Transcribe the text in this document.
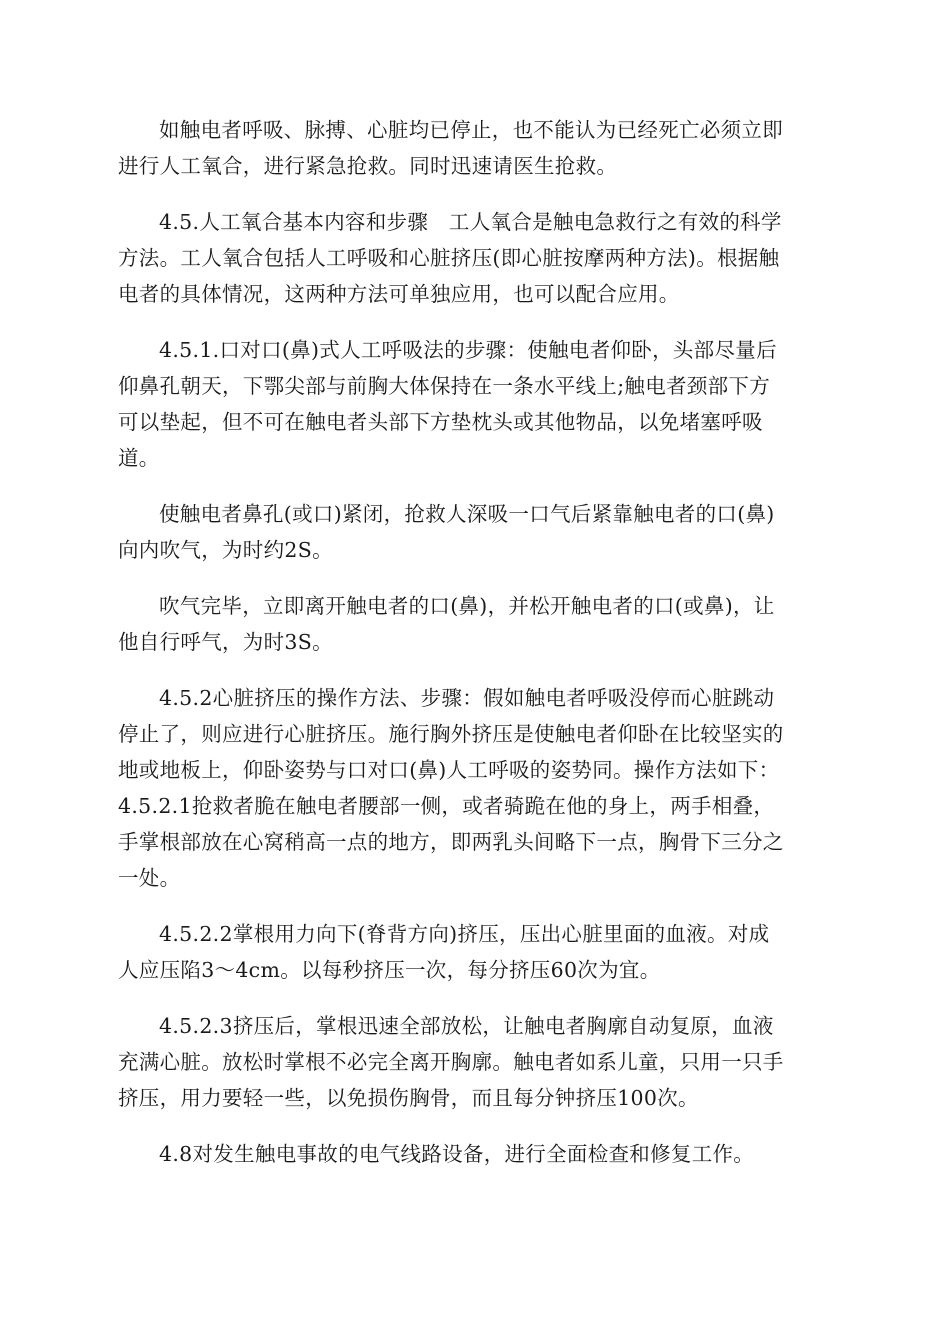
如触电者呼吸、脉搏、心脏均已停止，也不能认为已经死亡必须立即
进行人工氧合，进行紧急抢救。同时迅速请医生抢救。
4.5.人工氧合基本内容和步骤　工人氧合是触电急救行之有效的科学
方法。工人氧合包括人工呼吸和心脏挤压(即心脏按摩两种方法)。根据触
电者的具体情况，这两种方法可单独应用，也可以配合应用。
4.5.1.口对口(鼻)式人工呼吸法的步骤：使触电者仰卧，头部尽量后
仰鼻孔朝天，下鄂尖部与前胸大体保持在一条水平线上;触电者颈部下方
可以垫起，但不可在触电者头部下方垫枕头或其他物品，以免堵塞呼吸
道。
使触电者鼻孔(或口)紧闭，抢救人深吸一口气后紧靠触电者的口(鼻)
向内吹气，为时约2S。
吹气完毕，立即离开触电者的口(鼻)，并松开触电者的口(或鼻)，让
他自行呼气，为时3S。
4.5.2心脏挤压的操作方法、步骤：假如触电者呼吸没停而心脏跳动
停止了，则应进行心脏挤压。施行胸外挤压是使触电者仰卧在比较坚实的
地或地板上，仰卧姿势与口对口(鼻)人工呼吸的姿势同。操作方法如下：
4.5.2.1抢救者脆在触电者腰部一侧，或者骑跪在他的身上，两手相叠，
手掌根部放在心窝稍高一点的地方，即两乳头间略下一点，胸骨下三分之
一处。
4.5.2.2掌根用力向下(脊背方向)挤压，压出心脏里面的血液。对成
人应压陷3～4cm。以每秒挤压一次，每分挤压60次为宜。
4.5.2.3挤压后，掌根迅速全部放松，让触电者胸廓自动复原，血液
充满心脏。放松时掌根不必完全离开胸廓。触电者如系儿童，只用一只手
挤压，用力要轻一些，以免损伤胸骨，而且每分钟挤压100次。
4.8对发生触电事故的电气线路设备，进行全面检查和修复工作。
